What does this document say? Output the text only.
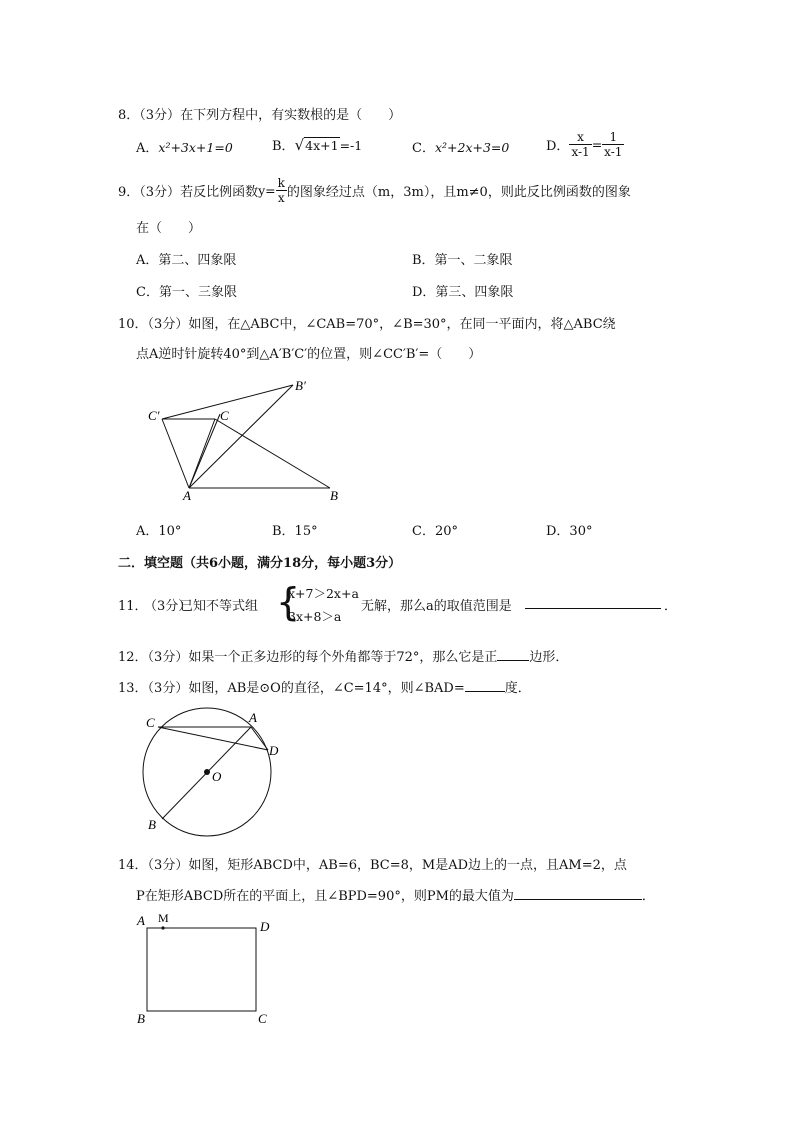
8．（3分）在下列方程中，有实数根的是（　　）
A．x²+3x+1=0	B．√4x+1=-1	C．x²+2x+3=0	D． $\frac{x}{x-1} = \frac{1}{x-1}$
9．（3分）若反比例函数$y= \frac{k}{x}$ 的图象经过点（m，3m），且m≠0，则此反比例函数的图象
在（　　）
A．第二、四象限	B．第一、二象限
C．第一、三象限	D．第三、四象限
10．（3分）如图，在△ABC中，∠CAB=70°，∠B=30°，在同一平面内，将△ABC绕
点A逆时针旋转40°到△A′B′C′的位置，则∠CC′B′=（　　）
C′	C
B′
A	B
A．10°	B．15°	C．20°	D．30°
二．填空题（共6小题，满分18分，每小题3分）
11．
（3分）
已知不等式组 {
x+7＞2x+a
3x+8＞a
无解，那么a的取值范围是	．
12．（3分）如果一个正多边形的每个外角都等于72°，那么它是正 边形．
13．（3分）如图，AB是⊙O的直径，∠C=14°，则∠BAD=	度．
C	A
D
O
B
14．（3分）如图，矩形ABCD中，AB=6，BC=8，M是AD边上的一点，且AM=2，点
P在矩形ABCD所在的平面上，且∠BPD=90°，则PM的最大值为	．
A M
D
B	C
